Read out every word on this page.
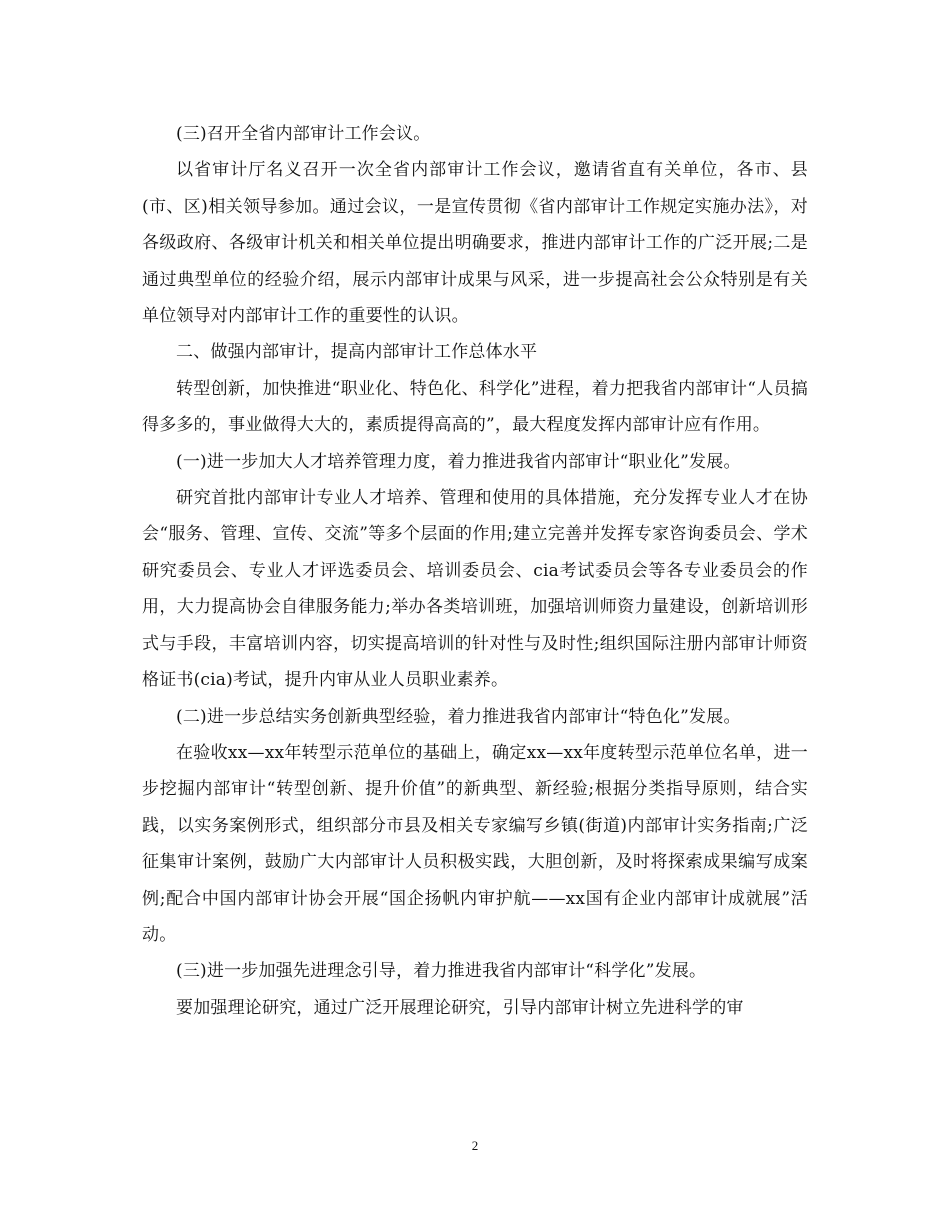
(三)召开全省内部审计工作会议。

以省审计厅名义召开一次全省内部审计工作会议，邀请省直有关单位，各市、县(市、区)相关领导参加。通过会议，一是宣传贯彻《省内部审计工作规定实施办法》，对各级政府、各级审计机关和相关单位提出明确要求，推进内部审计工作的广泛开展;二是通过典型单位的经验介绍，展示内部审计成果与风采，进一步提高社会公众特别是有关单位领导对内部审计工作的重要性的认识。

二、做强内部审计，提高内部审计工作总体水平

转型创新，加快推进“职业化、特色化、科学化”进程，着力把我省内部审计“人员搞得多多的，事业做得大大的，素质提得高高的”，最大程度发挥内部审计应有作用。

(一)进一步加大人才培养管理力度，着力推进我省内部审计“职业化”发展。

研究首批内部审计专业人才培养、管理和使用的具体措施，充分发挥专业人才在协会“服务、管理、宣传、交流”等多个层面的作用;建立完善并发挥专家咨询委员会、学术研究委员会、专业人才评选委员会、培训委员会、cia考试委员会等各专业委员会的作用，大力提高协会自律服务能力;举办各类培训班，加强培训师资力量建设，创新培训形式与手段，丰富培训内容，切实提高培训的针对性与及时性;组织国际注册内部审计师资格证书(cia)考试，提升内审从业人员职业素养。

(二)进一步总结实务创新典型经验，着力推进我省内部审计“特色化”发展。

在验收xx—xx年转型示范单位的基础上，确定xx—xx年度转型示范单位名单，进一步挖掘内部审计“转型创新、提升价值”的新典型、新经验;根据分类指导原则，结合实践，以实务案例形式，组织部分市县及相关专家编写乡镇(街道)内部审计实务指南;广泛征集审计案例，鼓励广大内部审计人员积极实践，大胆创新，及时将探索成果编写成案例;配合中国内部审计协会开展“国企扬帆内审护航——xx国有企业内部审计成就展”活动。

(三)进一步加强先进理念引导，着力推进我省内部审计“科学化”发展。

要加强理论研究，通过广泛开展理论研究，引导内部审计树立先进科学的审

2
